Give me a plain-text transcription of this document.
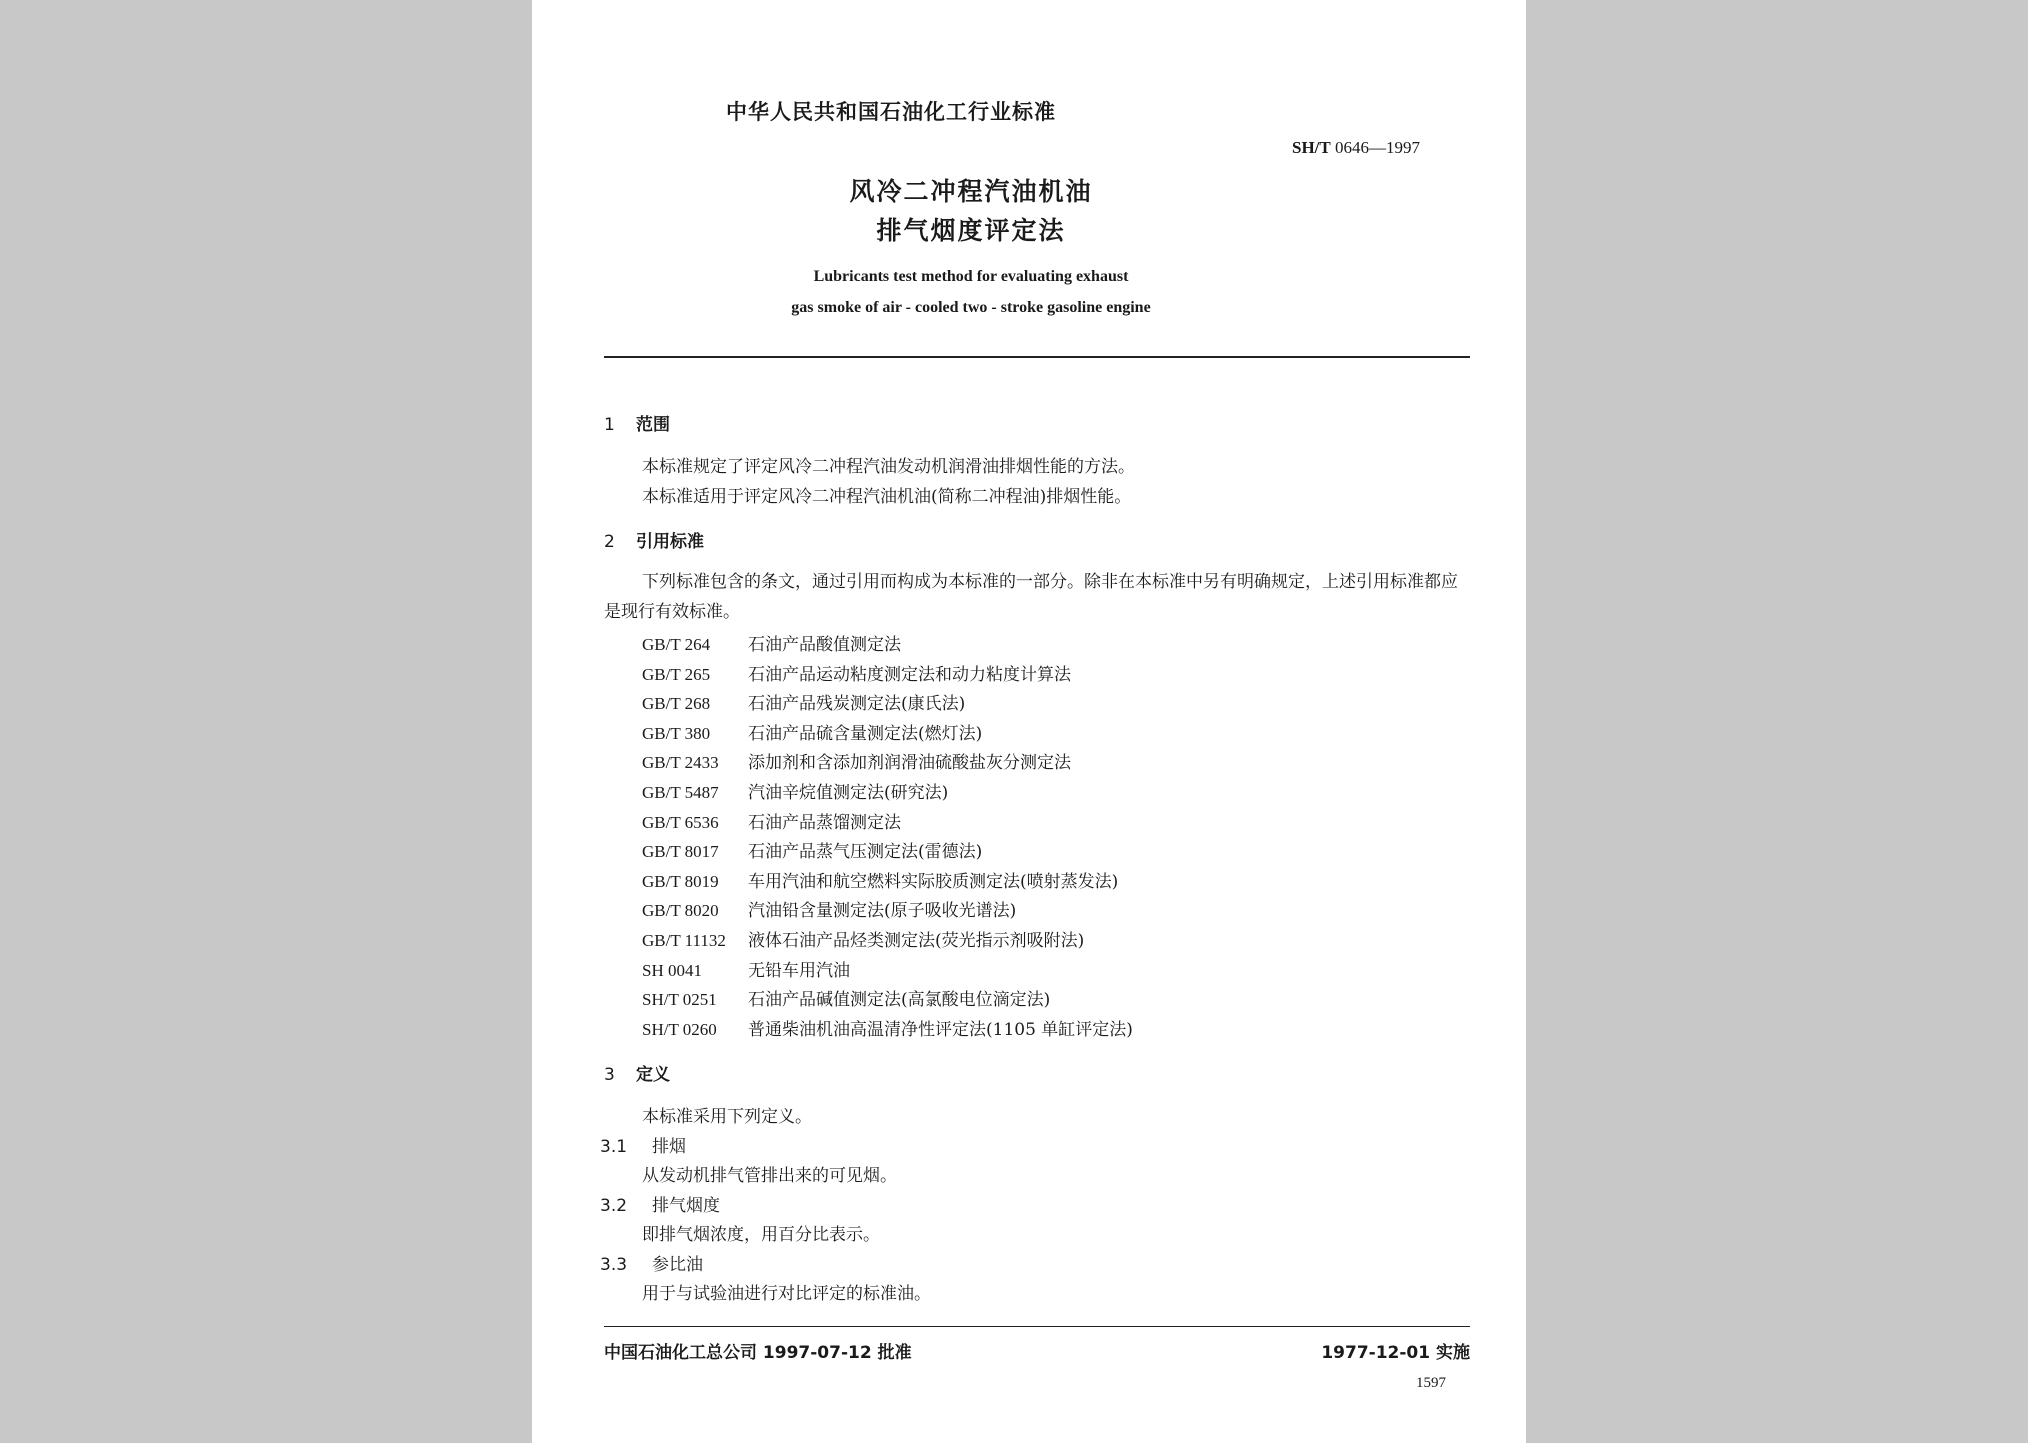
中华人民共和国石油化工行业标准
SH/T 0646—1997
风冷二冲程汽油机油
排气烟度评定法
Lubricants test method for evaluating exhaust
gas smoke of air - cooled two - stroke gasoline engine
1 范围
本标准规定了评定风冷二冲程汽油发动机润滑油排烟性能的方法。
本标准适用于评定风冷二冲程汽油机油(简称二冲程油)排烟性能。
2 引用标准
下列标准包含的条文，通过引用而构成为本标准的一部分。除非在本标准中另有明确规定，上述引用标准都应是现行有效标准。
GB/T 264 石油产品酸值测定法
GB/T 265 石油产品运动粘度测定法和动力粘度计算法
GB/T 268 石油产品残炭测定法(康氏法)
GB/T 380 石油产品硫含量测定法(燃灯法)
GB/T 2433 添加剂和含添加剂润滑油硫酸盐灰分测定法
GB/T 5487 汽油辛烷值测定法(研究法)
GB/T 6536 石油产品蒸馏测定法
GB/T 8017 石油产品蒸气压测定法(雷德法)
GB/T 8019 车用汽油和航空燃料实际胶质测定法(喷射蒸发法)
GB/T 8020 汽油铅含量测定法(原子吸收光谱法)
GB/T 11132 液体石油产品烃类测定法(荧光指示剂吸附法)
SH 0041	无铅车用汽油
SH/T 0251 石油产品碱值测定法(高氯酸电位滴定法)
SH/T 0260 普通柴油机油高温清净性评定法(1105 单缸评定法)
3 定义
本标准采用下列定义。
3.1 排烟
从发动机排气管排出来的可见烟。
3.2 排气烟度
即排气烟浓度，用百分比表示。
3.3 参比油
用于与试验油进行对比评定的标准油。
中国石油化工总公司 1997-07-12 批准	1977-12-01 实施
1597
